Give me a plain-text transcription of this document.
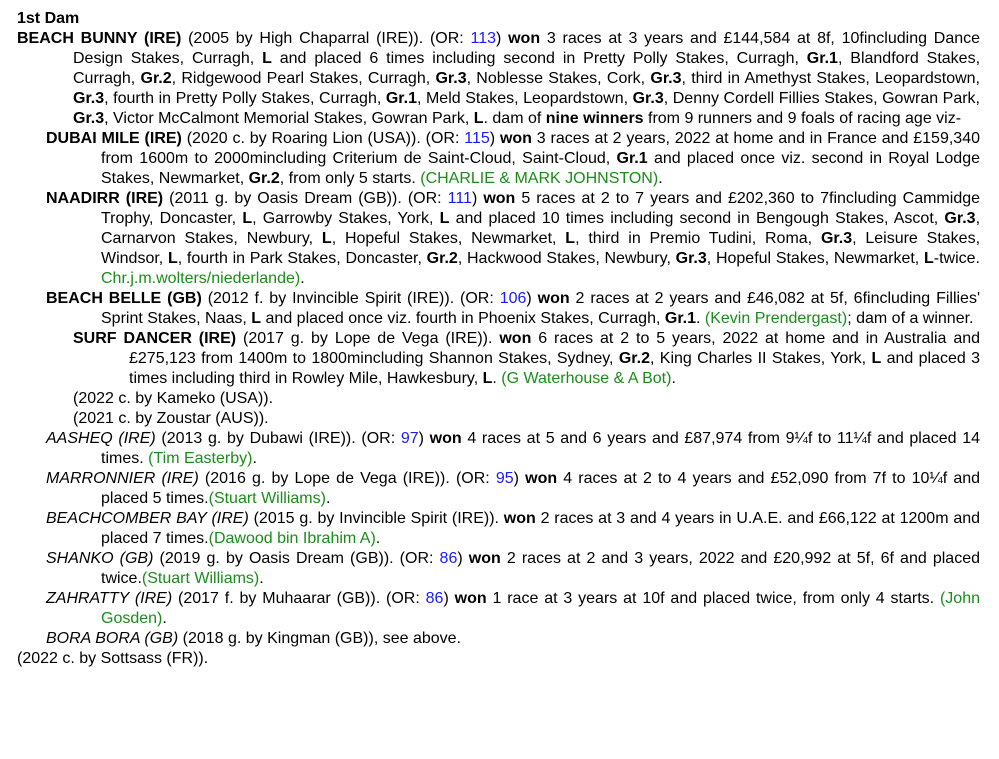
1st Dam
BEACH BUNNY (IRE) (2005 by High Chaparral (IRE)). (OR: 113) won 3 races at 3 years and £144,584 at 8f, 10fincluding Dance Design Stakes, Curragh, L and placed 6 times including second in Pretty Polly Stakes, Curragh, Gr.1, Blandford Stakes, Curragh, Gr.2, Ridgewood Pearl Stakes, Curragh, Gr.3, Noblesse Stakes, Cork, Gr.3, third in Amethyst Stakes, Leopardstown, Gr.3, fourth in Pretty Polly Stakes, Curragh, Gr.1, Meld Stakes, Leopardstown, Gr.3, Denny Cordell Fillies Stakes, Gowran Park, Gr.3, Victor McCalmont Memorial Stakes, Gowran Park, L. dam of nine winners from 9 runners and 9 foals of racing age viz-
DUBAI MILE (IRE) (2020 c. by Roaring Lion (USA)). (OR: 115) won 3 races at 2 years, 2022 at home and in France and £159,340 from 1600m to 2000mincluding Criterium de Saint-Cloud, Saint-Cloud, Gr.1 and placed once viz. second in Royal Lodge Stakes, Newmarket, Gr.2, from only 5 starts. (CHARLIE & MARK JOHNSTON).
NAADIRR (IRE) (2011 g. by Oasis Dream (GB)). (OR: 111) won 5 races at 2 to 7 years and £202,360 to 7fincluding Cammidge Trophy, Doncaster, L, Garrowby Stakes, York, L and placed 10 times including second in Bengough Stakes, Ascot, Gr.3, Carnarvon Stakes, Newbury, L, Hopeful Stakes, Newmarket, L, third in Premio Tudini, Roma, Gr.3, Leisure Stakes, Windsor, L, fourth in Park Stakes, Doncaster, Gr.2, Hackwood Stakes, Newbury, Gr.3, Hopeful Stakes, Newmarket, L-twice. Chr.j.m.wolters/niederlande).
BEACH BELLE (GB) (2012 f. by Invincible Spirit (IRE)). (OR: 106) won 2 races at 2 years and £46,082 at 5f, 6fincluding Fillies' Sprint Stakes, Naas, L and placed once viz. fourth in Phoenix Stakes, Curragh, Gr.1. (Kevin Prendergast); dam of a winner.
SURF DANCER (IRE) (2017 g. by Lope de Vega (IRE)). won 6 races at 2 to 5 years, 2022 at home and in Australia and £275,123 from 1400m to 1800mincluding Shannon Stakes, Sydney, Gr.2, King Charles II Stakes, York, L and placed 3 times including third in Rowley Mile, Hawkesbury, L. (G Waterhouse & A Bot).
(2022 c. by Kameko (USA)).
(2021 c. by Zoustar (AUS)).
AASHEQ (IRE) (2013 g. by Dubawi (IRE)). (OR: 97) won 4 races at 5 and 6 years and £87,974 from 9¼f to 11¼f and placed 14 times. (Tim Easterby).
MARRONNIER (IRE) (2016 g. by Lope de Vega (IRE)). (OR: 95) won 4 races at 2 to 4 years and £52,090 from 7f to 10¼f and placed 5 times.(Stuart Williams).
BEACHCOMBER BAY (IRE) (2015 g. by Invincible Spirit (IRE)). won 2 races at 3 and 4 years in U.A.E. and £66,122 at 1200m and placed 7 times.(Dawood bin Ibrahim A).
SHANKO (GB) (2019 g. by Oasis Dream (GB)). (OR: 86) won 2 races at 2 and 3 years, 2022 and £20,992 at 5f, 6f and placed twice.(Stuart Williams).
ZAHRATTY (IRE) (2017 f. by Muhaarar (GB)). (OR: 86) won 1 race at 3 years at 10f and placed twice, from only 4 starts. (John Gosden).
BORA BORA (GB) (2018 g. by Kingman (GB)), see above.
(2022 c. by Sottsass (FR)).
